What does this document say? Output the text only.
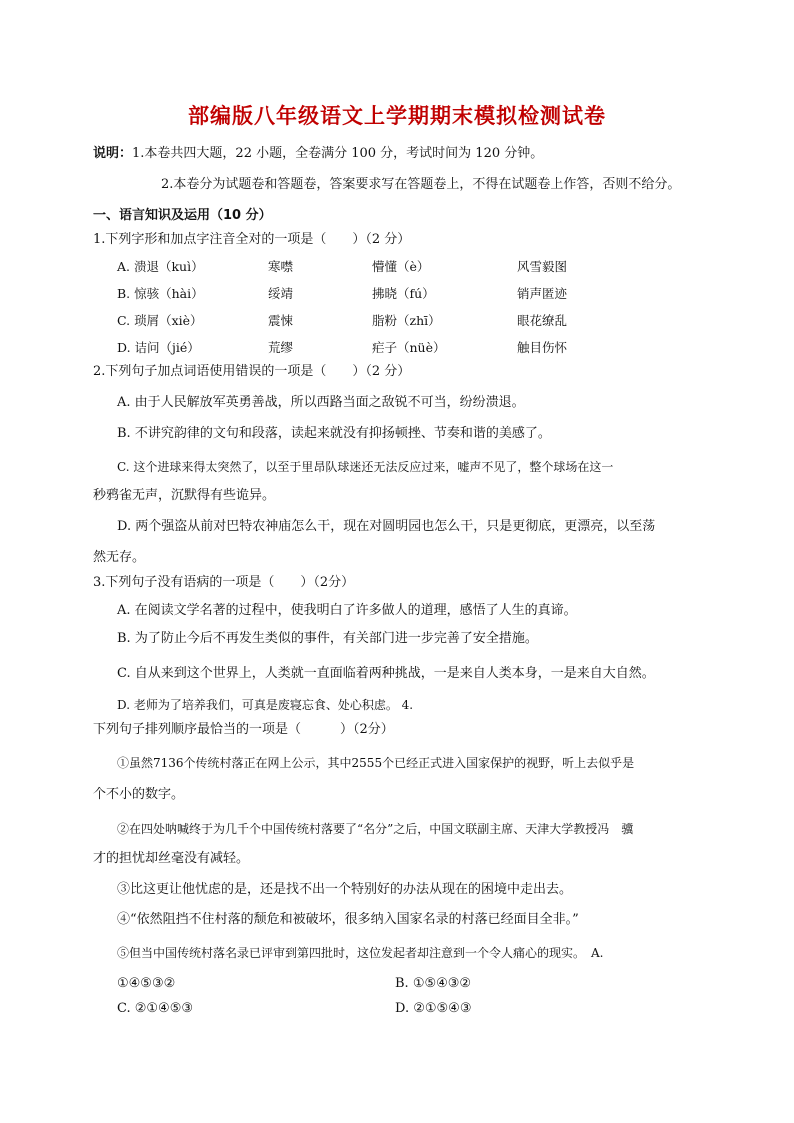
部编版八年级语文上学期期末模拟检测试卷
说明：1.本卷共四大题，22 小题，全卷满分 100 分，考试时间为 120 分钟。
2.本卷分为试题卷和答题卷，答案要求写在答题卷上，不得在试题卷上作答，否则不给分。
一、语言知识及运用（10 分）
1.下列字形和加点字注音全对的一项是（　　）（2 分）
A. 溃退（kuì）	寒噤	懵懂（è）	风雪毅图
B. 惊骇（hài）	绥靖	拂晓（fú）	销声匿迹
C. 琐屑（xiè）	震悚	脂粉（zhī）	眼花缭乱
D. 诘问（jié）	荒缪	疟子（nüè）	触目伤怀
2.下列句子加点词语使用错误的一项是（　　）（2 分）
A. 由于人民解放军英勇善战，所以西路当面之敌锐不可当，纷纷溃退。
B. 不讲究韵律的文句和段落，读起来就没有抑扬顿挫、节奏和谐的美感了。
C. 这个进球来得太突然了，以至于里昂队球迷还无法反应过来，嘘声不见了，整个球场在这一
秒鸦雀无声，沉默得有些诡异。
D. 两个强盗从前对巴特农神庙怎么干，现在对圆明园也怎么干，只是更彻底，更漂亮，以至荡
然无存。
3.下列句子没有语病的一项是（　　）（2分）
A. 在阅读文学名著的过程中，使我明白了许多做人的道理，感悟了人生的真谛。
B. 为了防止今后不再发生类似的事件，有关部门进一步完善了安全措施。
C. 自从来到这个世界上，人类就一直面临着两种挑战，一是来自人类本身，一是来自大自然。
D. 老师为了培养我们，可真是废寝忘食、处心积虑。 4.
下列句子排列顺序最恰当的一项是（　　　）（2分）
①虽然7136个传统村落正在网上公示，其中2555个已经正式进入国家保护的视野，听上去似乎是
个不小的数字。
②在四处呐喊终于为几千个中国传统村落要了“名分”之后，中国文联副主席、天津大学教授冯　骥
才的担忧却丝毫没有减轻。
③比这更让他忧虑的是，还是找不出一个特别好的办法从现在的困境中走出去。
④“依然阻挡不住村落的颓危和被破坏，很多纳入国家名录的村落已经面目全非。”
⑤但当中国传统村落名录已评审到第四批时，这位发起者却注意到一个令人痛心的现实。　A.
①④⑤③②	B. ①⑤④③②
C. ②①④⑤③	D. ②①⑤④③
